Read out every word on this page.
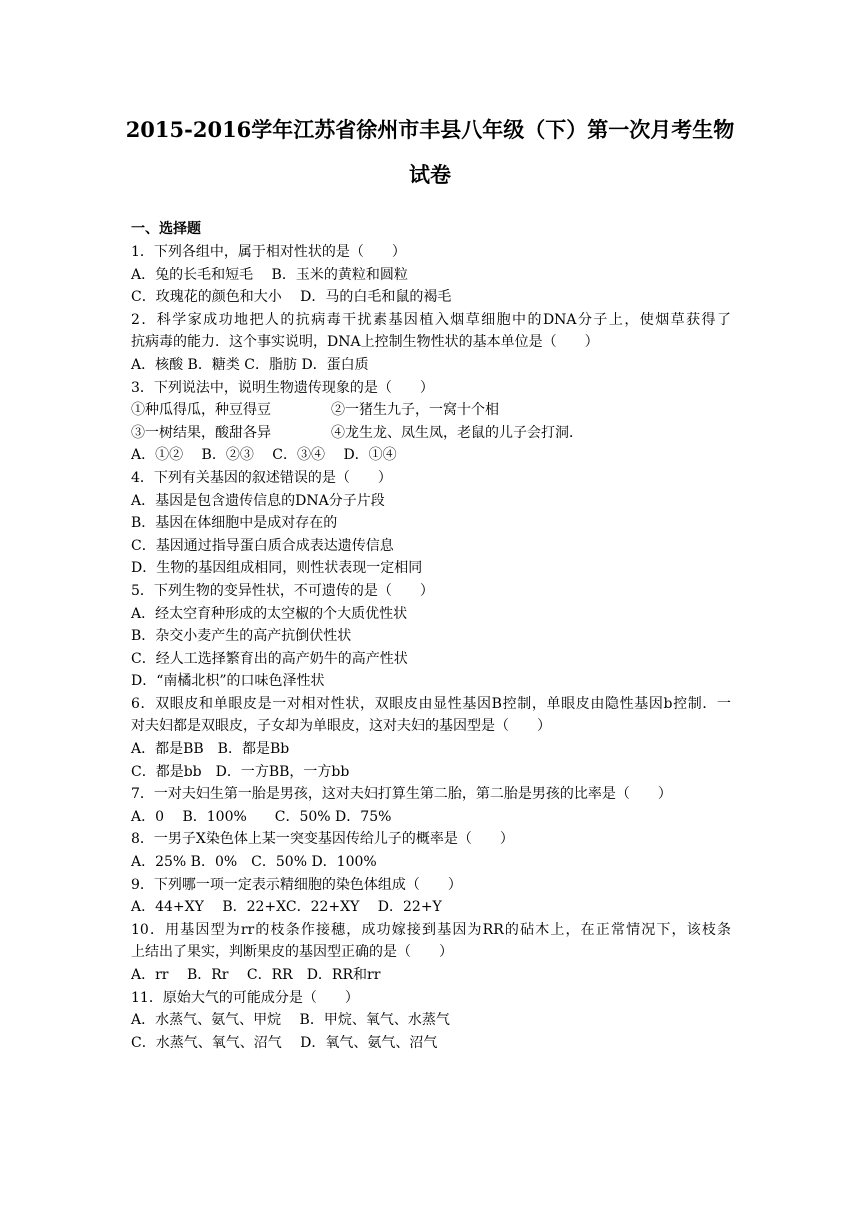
2015-2016学年江苏省徐州市丰县八年级（下）第一次月考生物
试卷
一、选择题
1．下列各组中，属于相对性状的是（　　）
A．兔的长毛和短毛　 B．玉米的黄粒和圆粒
C．玫瑰花的颜色和大小　 D．马的白毛和鼠的褐毛
2．科学家成功地把人的抗病毒干扰素基因植入烟草细胞中的DNA分子上，使烟草获得了
抗病毒的能力．这个事实说明，DNA上控制生物性状的基本单位是（　　）
A．核酸 B．糖类 C．脂肪 D．蛋白质
3．下列说法中，说明生物遗传现象的是（　　）
①种瓜得瓜，种豆得豆	②一猪生九子，一窝十个相
③一树结果，酸甜各异	④龙生龙、凤生凤，老鼠的儿子会打洞．
A．①②　 B．②③　 C．③④　 D．①④
4．下列有关基因的叙述错误的是（　　）
A．基因是包含遗传信息的DNA分子片段
B．基因在体细胞中是成对存在的
C．基因通过指导蛋白质合成表达遗传信息
D．生物的基因组成相同，则性状表现一定相同
5．下列生物的变异性状，不可遗传的是（　　）
A．经太空育种形成的太空椒的个大质优性状
B．杂交小麦产生的高产抗倒伏性状
C．经人工选择繁育出的高产奶牛的高产性状
D．“南橘北枳”的口味色泽性状
6．双眼皮和单眼皮是一对相对性状，双眼皮由显性基因B控制，单眼皮由隐性基因b控制．一
对夫妇都是双眼皮，子女却为单眼皮，这对夫妇的基因型是（　　）
A．都是BB　B．都是Bb
C．都是bb　D．一方BB，一方bb
7．一对夫妇生第一胎是男孩，这对夫妇打算生第二胎，第二胎是男孩的比率是（　　）
A．0　 B．100%　　C．50% D．75%
8．一男子X染色体上某一突变基因传给儿子的概率是（　　）
A．25% B．0%　C．50% D．100%
9．下列哪一项一定表示精细胞的染色体组成（　　）
A．44+XY　 B．22+XC．22+XY　 D．22+Y
10．用基因型为rr的枝条作接穗，成功嫁接到基因为RR的砧木上，在正常情况下，该枝条
上结出了果实，判断果皮的基因型正确的是（　　）
A．rr　 B．Rr　 C．RR　D．RR和rr
11．原始大气的可能成分是（　　）
A．水蒸气、氨气、甲烷　 B．甲烷、氧气、水蒸气
C．水蒸气、氧气、沼气　 D．氧气、氨气、沼气
